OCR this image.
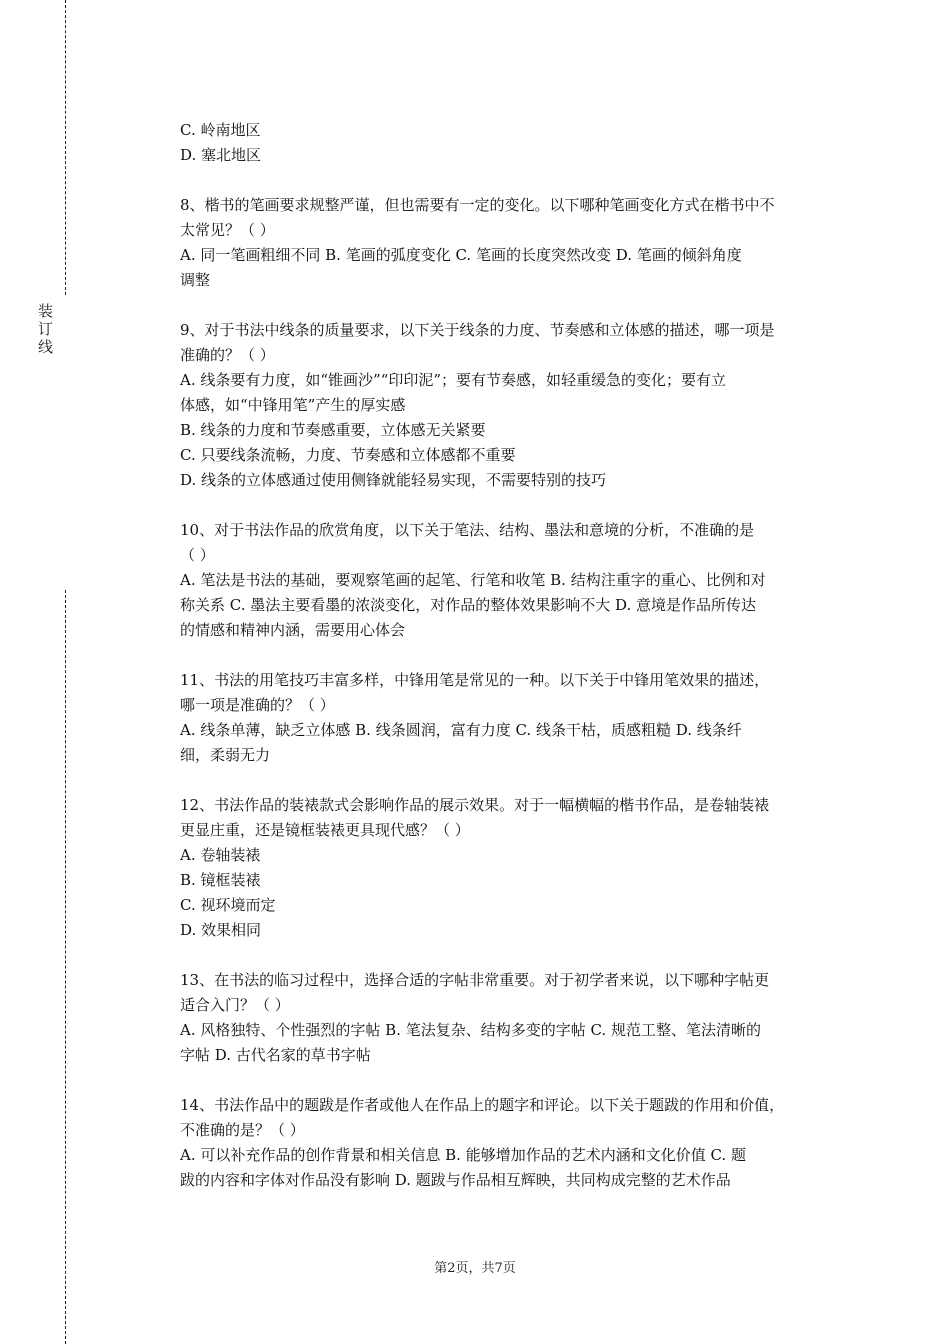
装订线
C. 岭南地区
D. 塞北地区
8、楷书的笔画要求规整严谨，但也需要有一定的变化。以下哪种笔画变化方式在楷书中不
太常见？（ ）
A. 同一笔画粗细不同 B. 笔画的弧度变化 C. 笔画的长度突然改变 D. 笔画的倾斜角度
调整
9、对于书法中线条的质量要求，以下关于线条的力度、节奏感和立体感的描述，哪一项是
准确的？（ ）
A. 线条要有力度，如“锥画沙”“印印泥”；要有节奏感，如轻重缓急的变化；要有立
体感，如“中锋用笔”产生的厚实感
B. 线条的力度和节奏感重要，立体感无关紧要
C. 只要线条流畅，力度、节奏感和立体感都不重要
D. 线条的立体感通过使用侧锋就能轻易实现，不需要特别的技巧
10、对于书法作品的欣赏角度，以下关于笔法、结构、墨法和意境的分析，不准确的是
（ ）
A. 笔法是书法的基础，要观察笔画的起笔、行笔和收笔 B. 结构注重字的重心、比例和对
称关系 C. 墨法主要看墨的浓淡变化，对作品的整体效果影响不大 D. 意境是作品所传达
的情感和精神内涵，需要用心体会
11、书法的用笔技巧丰富多样，中锋用笔是常见的一种。以下关于中锋用笔效果的描述，
哪一项是准确的？（ ）
A. 线条单薄，缺乏立体感 B. 线条圆润，富有力度 C. 线条干枯，质感粗糙 D. 线条纤
细，柔弱无力
12、书法作品的装裱款式会影响作品的展示效果。对于一幅横幅的楷书作品，是卷轴装裱
更显庄重，还是镜框装裱更具现代感？（ ）
A. 卷轴装裱
B. 镜框装裱
C. 视环境而定
D. 效果相同
13、在书法的临习过程中，选择合适的字帖非常重要。对于初学者来说，以下哪种字帖更
适合入门？（ ）
A. 风格独特、个性强烈的字帖 B. 笔法复杂、结构多变的字帖 C. 规范工整、笔法清晰的
字帖 D. 古代名家的草书字帖
14、书法作品中的题跋是作者或他人在作品上的题字和评论。以下关于题跋的作用和价值，
不准确的是？（ ）
A. 可以补充作品的创作背景和相关信息 B. 能够增加作品的艺术内涵和文化价值 C. 题
跋的内容和字体对作品没有影响 D. 题跋与作品相互辉映，共同构成完整的艺术作品
第2页，共7页
